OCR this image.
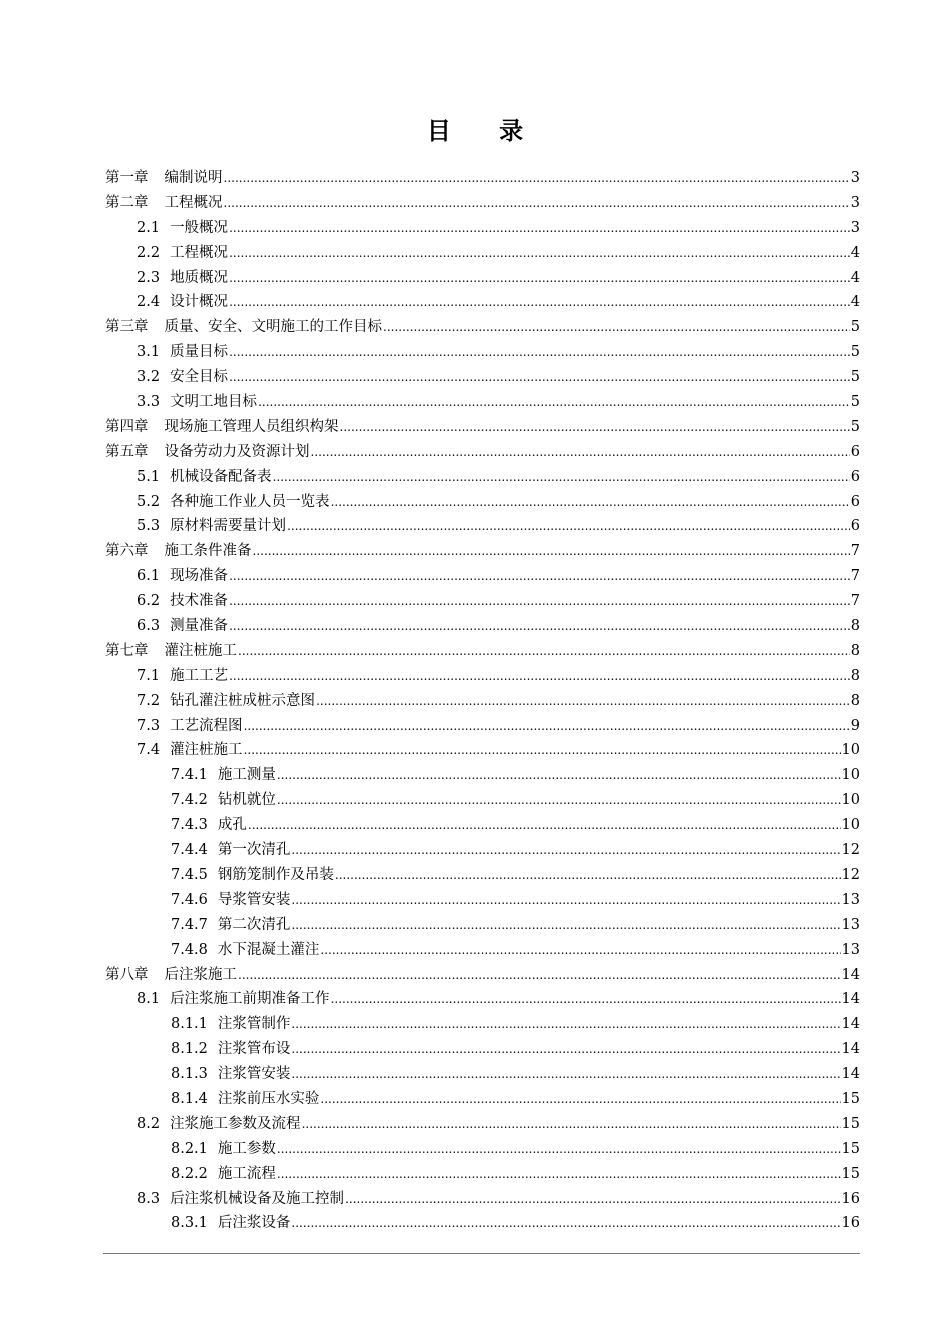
目 录
第一章 编制说明 .....	3
第二章 工程概况 .....	3
2.1 一般概况 .....	3
2.2 工程概况 .....	4
2.3 地质概况 .....	4
2.4 设计概况 .....	4
第三章 质量、安全、文明施工的工作目标 .....	5
3.1 质量目标 .....	5
3.2 安全目标 .....	5
3.3 文明工地目标 .....	5
第四章 现场施工管理人员组织构架 .....	5
第五章 设备劳动力及资源计划 .....	6
5.1 机械设备配备表 .....	6
5.2 各种施工作业人员一览表 .....	6
5.3 原材料需要量计划 .....	6
第六章 施工条件准备 .....	7
6.1 现场准备 .....	7
6.2 技术准备 .....	7
6.3 测量准备 .....	8
第七章 灌注桩施工 .....	8
7.1 施工工艺 .....	8
7.2 钻孔灌注桩成桩示意图 .....	8
7.3 工艺流程图 .....	9
7.4 灌注桩施工 .....	10
7.4.1 施工测量 .....	10
7.4.2 钻机就位 .....	10
7.4.3 成孔 .....	10
7.4.4 第一次清孔 .....	12
7.4.5 钢筋笼制作及吊装 .....	12
7.4.6 导浆管安装 .....	13
7.4.7 第二次清孔 .....	13
7.4.8 水下混凝土灌注 .....	13
第八章 后注浆施工 .....	14
8.1 后注浆施工前期准备工作 .....	14
8.1.1 注浆管制作 .....	14
8.1.2 注浆管布设 .....	14
8.1.3 注浆管安装 .....	14
8.1.4 注浆前压水实验 .....	15
8.2 注浆施工参数及流程 .....	15
8.2.1 施工参数 .....	15
8.2.2 施工流程 .....	15
8.3 后注浆机械设备及施工控制 .....	16
8.3.1 后注浆设备 .....	16
